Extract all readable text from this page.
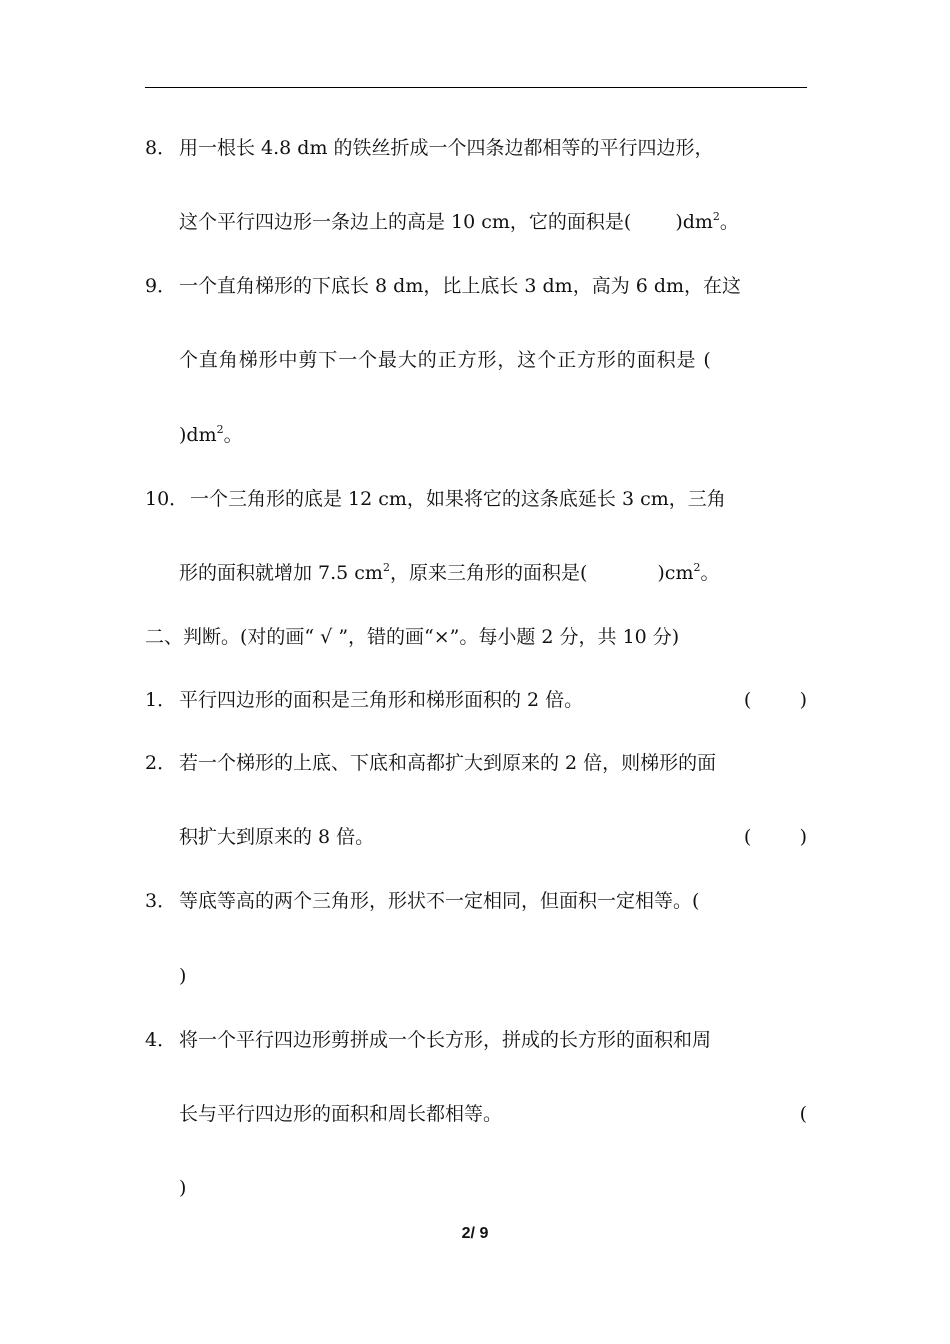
8． 用一根长 4.8 dm 的铁丝折成一个四条边都相等的平行四边形，
这个平行四边形一条边上的高是 10 cm，它的面积是( )$dm^2$。
9． 一个直角梯形的下底长 8 dm，比上底长 3 dm，高为 6 dm，在这
个直角梯形中剪下一个最大的正方形，这个正方形的面积是 (
)$dm^2$。
10．一个三角形的底是 12 cm，如果将它的这条底延长 3 cm，三角
形的面积就增加 7.5 $cm^2$，原来三角形的面积是(	)$cm^2$。
二、判断。(对的画“ √ ”，错的画“×”。每小题 2 分，共 10 分)
1． 平行四边形的面积是三角形和梯形面积的 2 倍。	(        )
2． 若一个梯形的上底、下底和高都扩大到原来的 2 倍，则梯形的面
积扩大到原来的 8 倍。	(        )
3． 等底等高的两个三角形，形状不一定相同，但面积一定相等。(
)
4． 将一个平行四边形剪拼成一个长方形，拼成的长方形的面积和周
长与平行四边形的面积和周长都相等。	(
)
2/ 9
